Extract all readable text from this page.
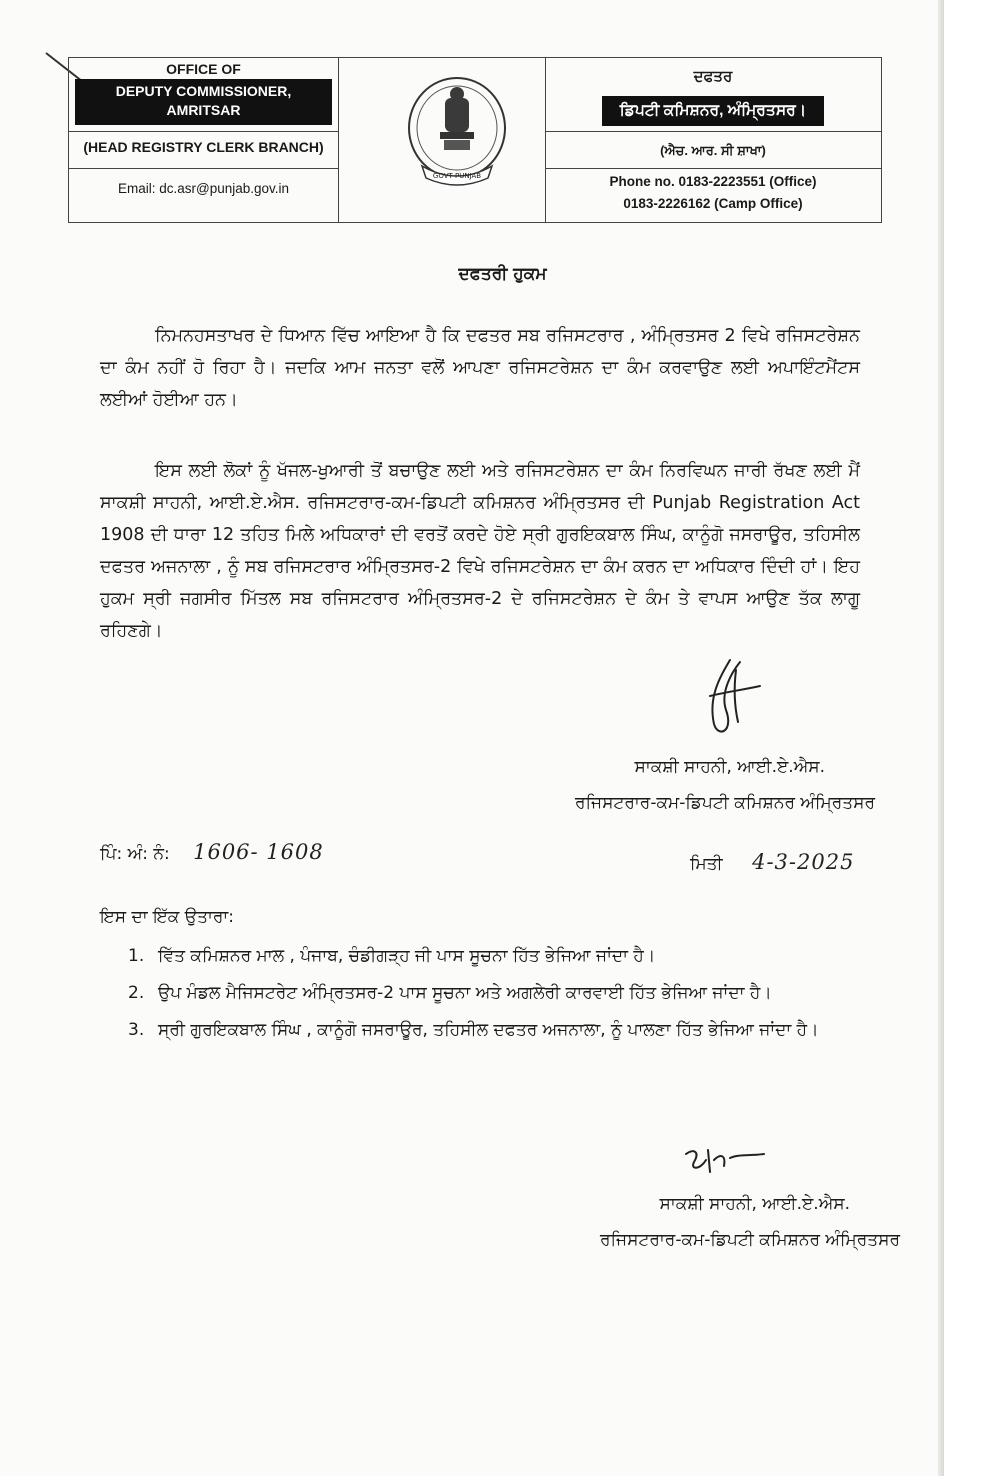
OFFICE OF
DEPUTY COMMISSIONER,
AMRITSAR
(HEAD REGISTRY CLERK BRANCH)
Email: dc.asr@punjab.gov.in
ਦਫਤਰ
ਡਿਪਟੀ ਕਮਿਸ਼ਨਰ, ਅੰਮ੍ਰਿਤਸਰ।
(ਐਚ. ਆਰ. ਸੀ ਸ਼ਾਖਾ)
Phone no. 0183-2223551 (Office)
0183-2226162 (Camp Office)
GOVT PUNJAB
ਦਫਤਰੀ ਹੁਕਮ
ਨਿਮਨਹਸਤਾਖਰ ਦੇ ਧਿਆਨ ਵਿੱਚ ਆਇਆ ਹੈ ਕਿ ਦਫਤਰ ਸਬ ਰਜਿਸਟਰਾਰ , ਅੰਮ੍ਰਿਤਸਰ 2 ਵਿਖੇ ਰਜਿਸਟਰੇਸ਼ਨ ਦਾ ਕੰਮ ਨਹੀਂ ਹੋ ਰਿਹਾ ਹੈ। ਜਦਕਿ ਆਮ ਜਨਤਾ ਵਲੋਂ ਆਪਣਾ ਰਜਿਸਟਰੇਸ਼ਨ ਦਾ ਕੰਮ ਕਰਵਾਉਣ ਲਈ ਅਪਾਇੰਟਮੈਂਟਸ ਲਈਆਂ ਹੋਈਆ ਹਨ।
ਇਸ ਲਈ ਲੋਕਾਂ ਨੂੰ ਖੱਜਲ-ਖੁਆਰੀ ਤੋਂ ਬਚਾਉਣ ਲਈ ਅਤੇ ਰਜਿਸਟਰੇਸ਼ਨ ਦਾ ਕੰਮ ਨਿਰਵਿਘਨ ਜਾਰੀ ਰੱਖਣ ਲਈ ਮੈਂ ਸਾਕਸ਼ੀ ਸਾਹਨੀ, ਆਈ.ਏ.ਐਸ. ਰਜਿਸਟਰਾਰ-ਕਮ-ਡਿਪਟੀ ਕਮਿਸ਼ਨਰ ਅੰਮ੍ਰਿਤਸਰ ਦੀ Punjab Registration Act 1908 ਦੀ ਧਾਰਾ 12 ਤਹਿਤ ਮਿਲੇ ਅਧਿਕਾਰਾਂ ਦੀ ਵਰਤੋਂ ਕਰਦੇ ਹੋਏ ਸ੍ਰੀ ਗੁਰਇਕਬਾਲ ਸਿੰਘ, ਕਾਨੂੰਗੋ ਜਸਰਾਊਰ, ਤਹਿਸੀਲ ਦਫਤਰ ਅਜਨਾਲਾ , ਨੂੰ ਸਬ ਰਜਿਸਟਰਾਰ ਅੰਮ੍ਰਿਤਸਰ-2 ਵਿਖੇ ਰਜਿਸਟਰੇਸ਼ਨ ਦਾ ਕੰਮ ਕਰਨ ਦਾ ਅਧਿਕਾਰ ਦਿੰਦੀ ਹਾਂ। ਇਹ ਹੁਕਮ ਸ੍ਰੀ ਜਗਸੀਰ ਮਿੱਤਲ ਸਬ ਰਜਿਸਟਰਾਰ ਅੰਮ੍ਰਿਤਸਰ-2 ਦੇ ਰਜਿਸਟਰੇਸ਼ਨ ਦੇ ਕੰਮ ਤੇ ਵਾਪਸ ਆਉਣ ਤੱਕ ਲਾਗੂ ਰਹਿਣਗੇ।
ਸਾਕਸ਼ੀ ਸਾਹਨੀ, ਆਈ.ਏ.ਐਸ.
ਰਜਿਸਟਰਾਰ-ਕਮ-ਡਿਪਟੀ ਕਮਿਸ਼ਨਰ ਅੰਮ੍ਰਿਤਸਰ
ਪਿੰ: ਅੰ: ਨੰ: 1606- 1608	ਮਿਤੀ 4-3-2025
ਇਸ ਦਾ ਇੱਕ ਉਤਾਰਾ:
1. ਵਿੱਤ ਕਮਿਸ਼ਨਰ ਮਾਲ , ਪੰਜਾਬ, ਚੰਡੀਗੜ੍ਹ ਜੀ ਪਾਸ ਸੂਚਨਾ ਹਿੱਤ ਭੇਜਿਆ ਜਾਂਦਾ ਹੈ।
2. ਉਪ ਮੰਡਲ ਮੈਜਿਸਟਰੇਟ ਅੰਮ੍ਰਿਤਸਰ-2 ਪਾਸ ਸੂਚਨਾ ਅਤੇ ਅਗਲੇਰੀ ਕਾਰਵਾਈ ਹਿੱਤ ਭੇਜਿਆ ਜਾਂਦਾ ਹੈ।
3. ਸ੍ਰੀ ਗੁਰਇਕਬਾਲ ਸਿੰਘ , ਕਾਨੂੰਗੋ ਜਸਰਾਊਰ, ਤਹਿਸੀਲ ਦਫਤਰ ਅਜਨਾਲਾ, ਨੂੰ ਪਾਲਣਾ ਹਿੱਤ ਭੇਜਿਆ ਜਾਂਦਾ ਹੈ।
ਸਾਕਸ਼ੀ ਸਾਹਨੀ, ਆਈ.ਏ.ਐਸ.
ਰਜਿਸਟਰਾਰ-ਕਮ-ਡਿਪਟੀ ਕਮਿਸ਼ਨਰ ਅੰਮ੍ਰਿਤਸਰ
